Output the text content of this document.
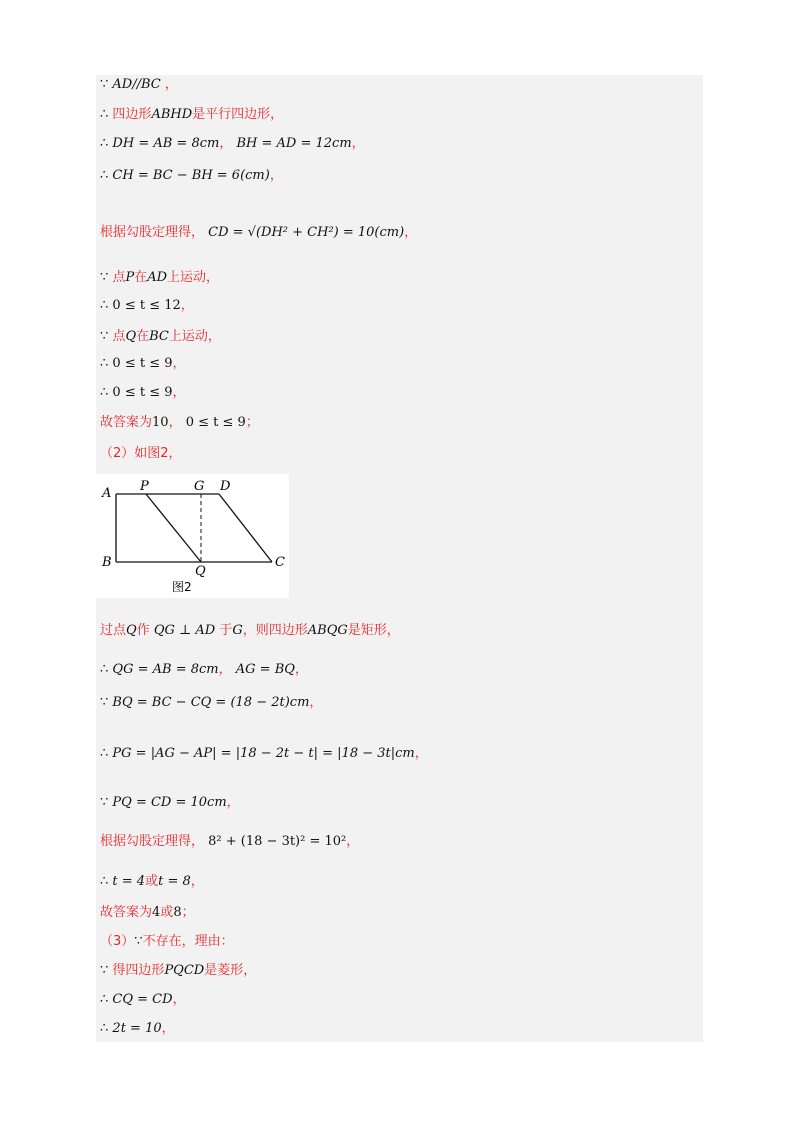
∵ AD//BC ，
∴ 四边形ABHD是平行四边形，
∴ DH = AB = 8cm， BH = AD = 12cm，
∴ CH = BC − BH = 6(cm)，
根据勾股定理得， CD = √(DH² + CH²) = 10(cm)，
∵ 点P在AD上运动，
∴ 0 ≤ t ≤ 12，
∵ 点Q在BC上运动，
∴ 0 ≤ t ≤ 9，
∴ 0 ≤ t ≤ 9，
故答案为10， 0 ≤ t ≤ 9；
（2）如图2，
A P	G D
B
Q
C
图2
过点Q作 QG ⊥ AD 于G，则四边形ABQG是矩形，
∴ QG = AB = 8cm， AG = BQ，
∵ BQ = BC − CQ = (18 − 2t)cm，
∴ PG = |AG − AP| = |18 − 2t − t| = |18 − 3t|cm，
∵ PQ = CD = 10cm，
根据勾股定理得， 8² + (18 − 3t)² = 10²，
∴ t = 4或t = 8，
故答案为4或8；
（3）∵不存在，理由：
∵ 得四边形PQCD是菱形，
∴ CQ = CD，
∴ 2t = 10，
